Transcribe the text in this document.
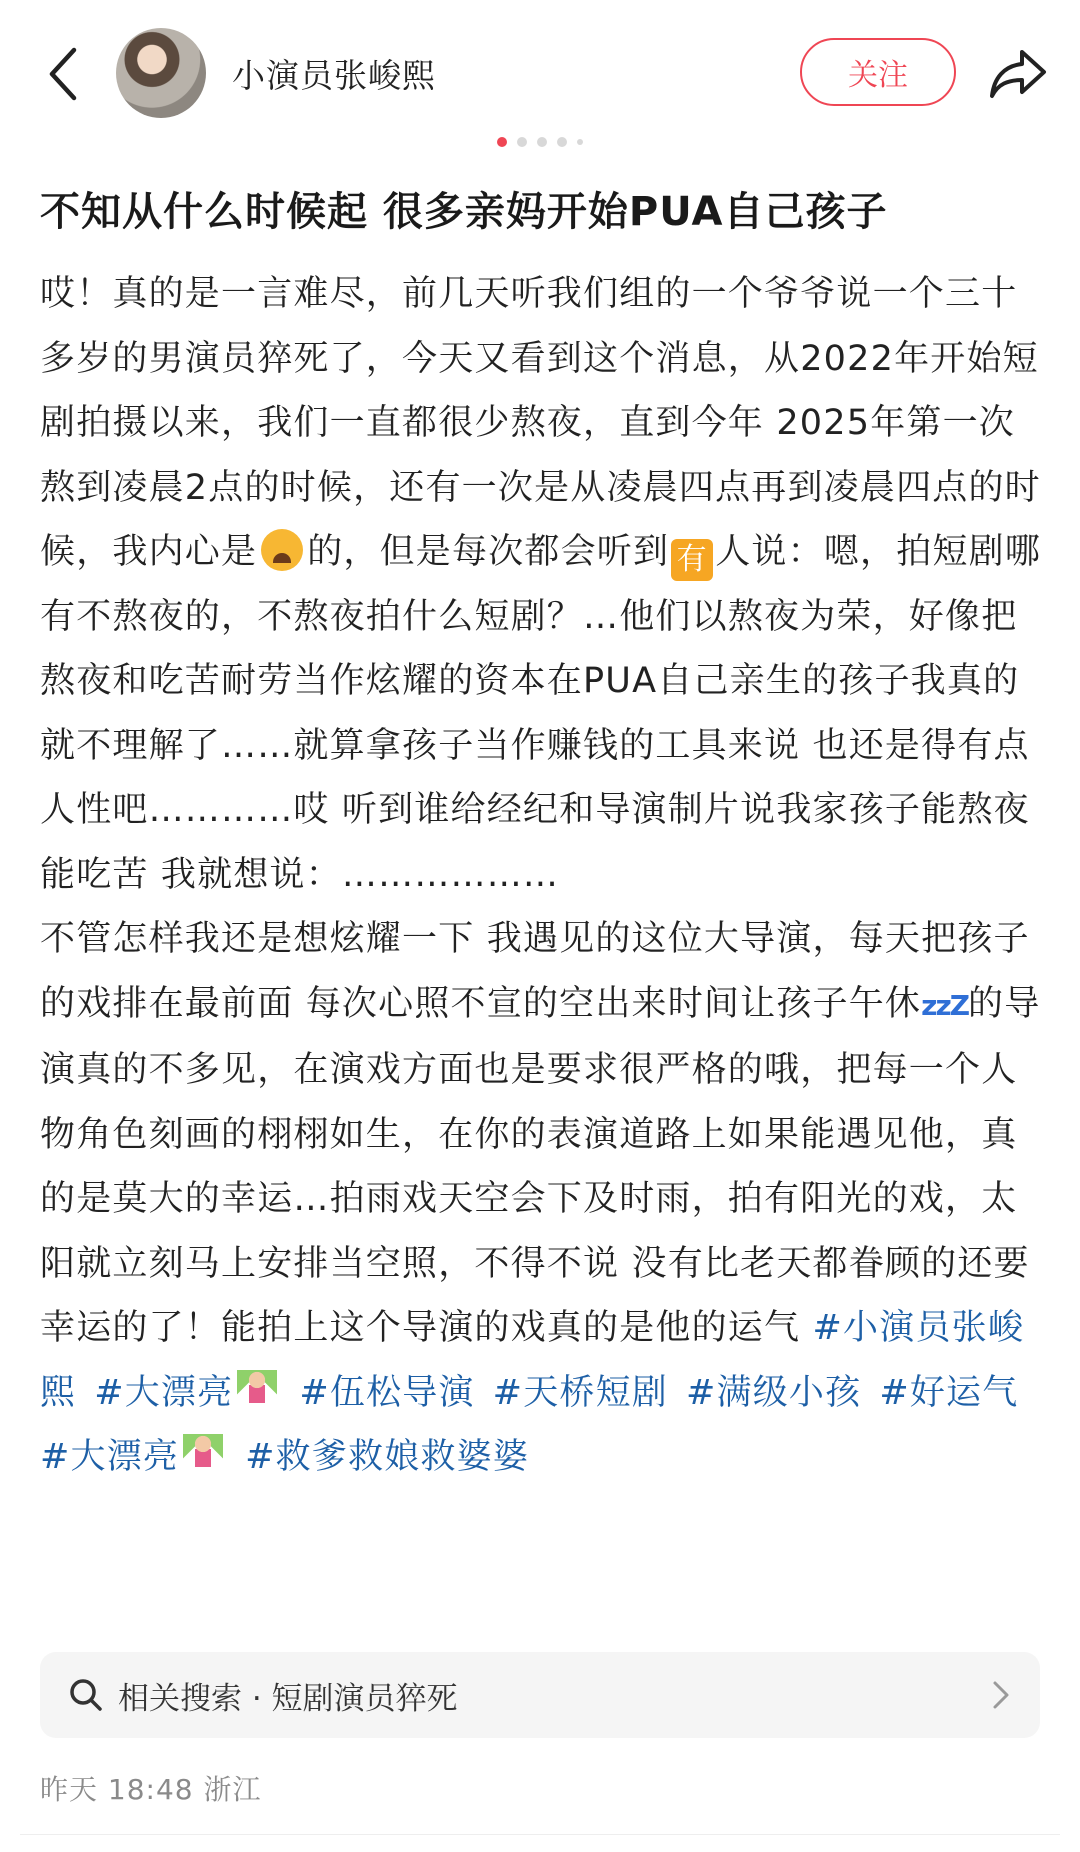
小演员张峻熙	关注
不知从什么时候起 很多亲妈开始PUA自己孩子

哎！真的是一言难尽，前几天听我们组的一个爷爷说一个三十多岁的男演员猝死了，今天又看到这个消息，从2022年开始短剧拍摄以来，我们一直都很少熬夜，直到今年 2025年第一次熬到凌晨2点的时候，还有一次是从凌晨四点再到凌晨四点的时候，我内心是 的，但是每次都会听到 有 人说：嗯，拍短剧哪有不熬夜的，不熬夜拍什么短剧？…他们以熬夜为荣，好像把熬夜和吃苦耐劳当作炫耀的资本在PUA自己亲生的孩子我真的就不理解了……就算拿孩子当作赚钱的工具来说 也还是得有点人性吧…………哎 听到谁给经纪和导演制片说我家孩子能熬夜 能吃苦 我就想说：………………

不管怎样我还是想炫耀一下 我遇见的这位大导演，每天把孩子的戏排在最前面 每次心照不宣的空出来时间让孩子午休zzZ的导演真的不多见，在演戏方面也是要求很严格的哦，把每一个人物角色刻画的栩栩如生，在你的表演道路上如果能遇见他，真的是莫大的幸运…拍雨戏天空会下及时雨，拍有阳光的戏，太阳就立刻马上安排当空照，不得不说 没有比老天都眷顾的还要幸运的了！能拍上这个导演的戏真的是他的运气 #小演员张峻熙 #大漂亮 #伍松导演 #天桥短剧 #满级小孩 #好运气#大漂亮 #救爹救娘救婆婆

相关搜索 · 短剧演员猝死
昨天 18:48 浙江
